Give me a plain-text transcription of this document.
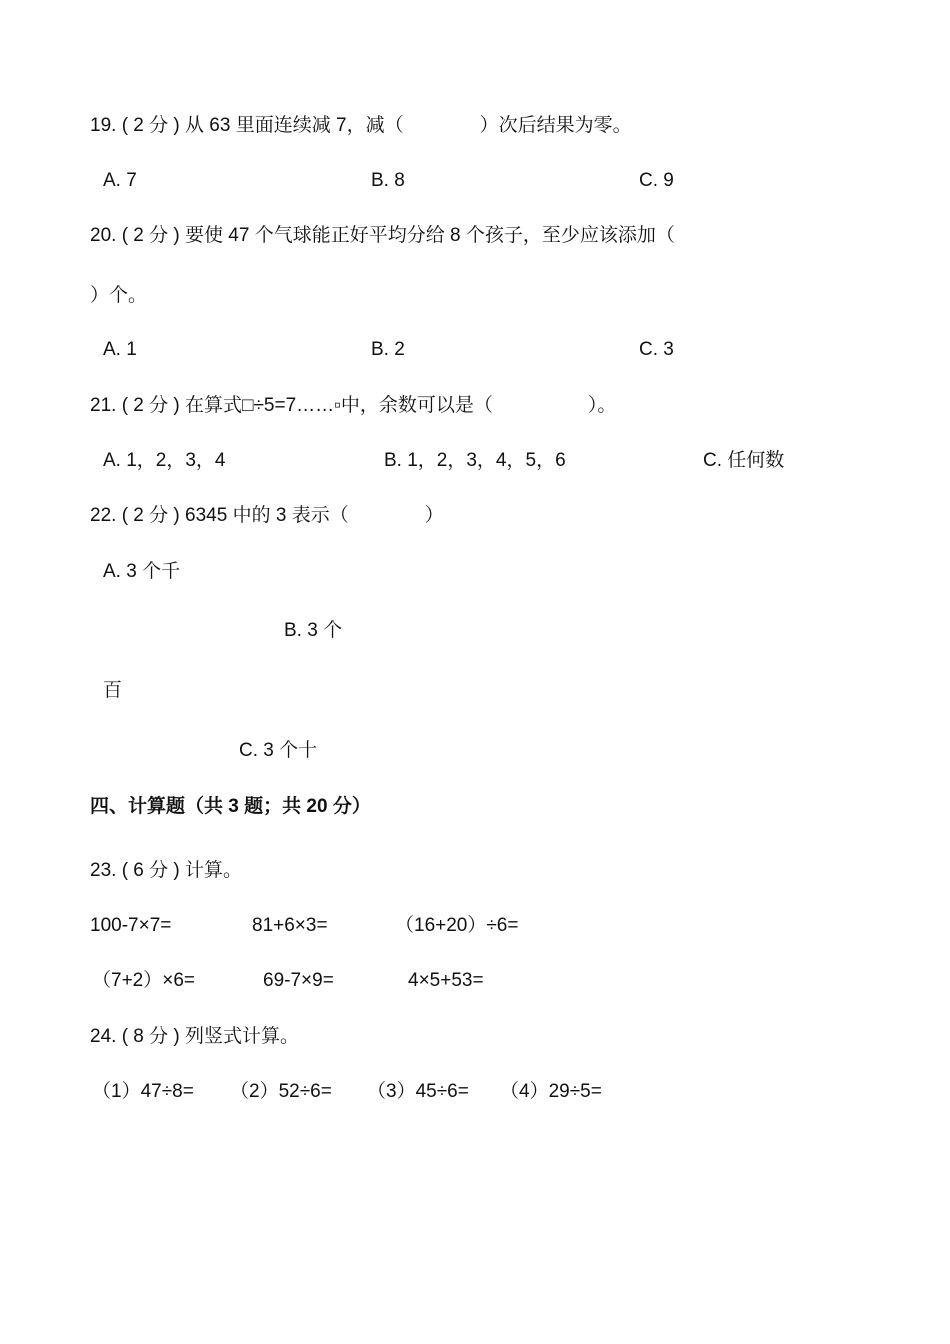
19. ( 2 分 ) 从 63 里面连续减 7，减（　　　　）次后结果为零。
A. 7	B. 8	C. 9
20. ( 2 分 ) 要使 47 个气球能正好平均分给 8 个孩子，至少应该添加（
）个。
A. 1	B. 2	C. 3
21. ( 2 分 ) 在算式□÷5=7……▫中，余数可以是（　　　　　）。
A. 1，2，3，4	B. 1，2，3，4，5，6	C. 任何数
22. ( 2 分 ) 6345 中的 3 表示（　　　　）
A. 3 个千
B. 3 个
百
C. 3 个十
四、计算题（共 3 题；共 20 分）
23. ( 6 分 ) 计算。
100-7×7=	81+6×3=	（16+20）÷6=
（7+2）×6=	69-7×9=	4×5+53=
24. ( 8 分 ) 列竖式计算。
（1）47÷8= （2）52÷6= （3）45÷6= （4）29÷5=
